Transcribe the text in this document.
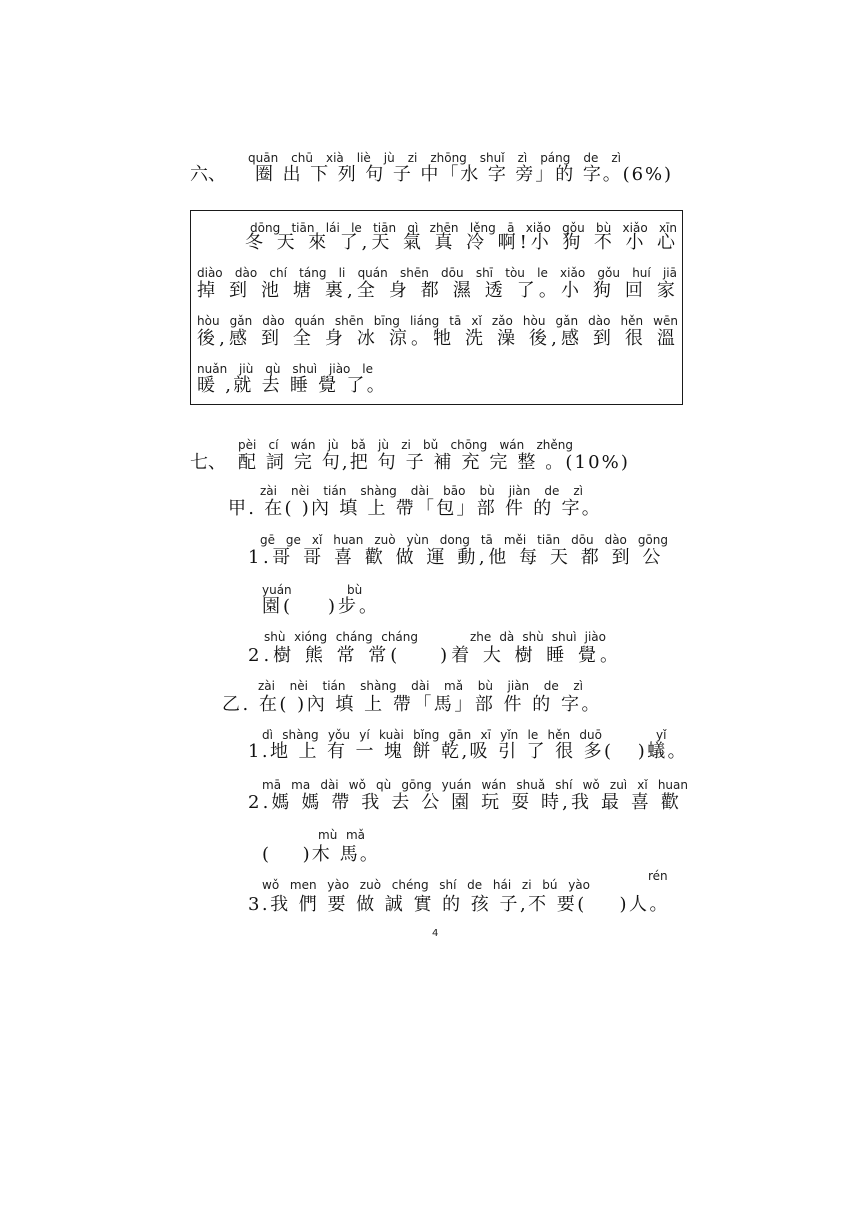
quān chū xià liè jù zi zhōng shuǐ zì páng de zì
六、 圈 出 下 列 句 子 中「水 字 旁」的 字。(6%)
dōng tiān lái le tiān qì zhēn lěng ā xiǎo gǒu bù xiǎo xīn
冬 天 來 了,天 氣 真 冷 啊!小 狗 不 小 心
diào dào chí táng li quán shēn dōu shī tòu le xiǎo gǒu huí jiā
掉 到 池 塘 裏,全 身 都 濕 透 了。小 狗 回 家
hòu gǎn dào quán shēn bīng liáng tā xǐ zǎo hòu gǎn dào hěn wēn
後,感 到 全 身 冰 涼。牠 洗 澡 後,感 到 很 溫
nuǎn jiù qù shuì jiào le
暖 ,就 去 睡 覺 了。
pèi cí wán jù bǎ jù zi bǔ chōng wán zhěng
七、 配 詞 完 句,把 句 子 補 充 完 整 。(10%)
zài nèi tián shàng dài bāo bù jiàn de zì
甲. 在( )內 填 上 帶「包」部 件 的 字。
gē ge xǐ huan zuò yùn dong tā měi tiān dōu dào gōng
1.哥 哥 喜 歡 做 運 動,他 每 天 都 到 公
yuán	bù
園(    )步。
shù xióng cháng cháng	zhe dà shù shuì jiào
2.樹 熊 常 常(    )着 大 樹 睡 覺。
zài nèi tián shàng dài mǎ bù jiàn de zì
乙. 在( )內 填 上 帶「馬」部 件 的 字。
dì shàng yǒu yí kuài bǐng gān xī yǐn le hěn duō	yǐ
1.地 上 有 一 塊 餅 乾,吸 引 了 很 多(   )蟻。
mā ma dài wǒ qù gōng yuán wán shuǎ shí wǒ zuì xǐ huan
2.媽 媽 帶 我 去 公 園 玩 耍 時,我 最 喜 歡
mù mǎ
(    )木 馬。
rén
wǒ men yào zuò chéng shí de hái zi bú yào
3.我 們 要 做 誠 實 的 孩 子,不 要(    )人。
4
